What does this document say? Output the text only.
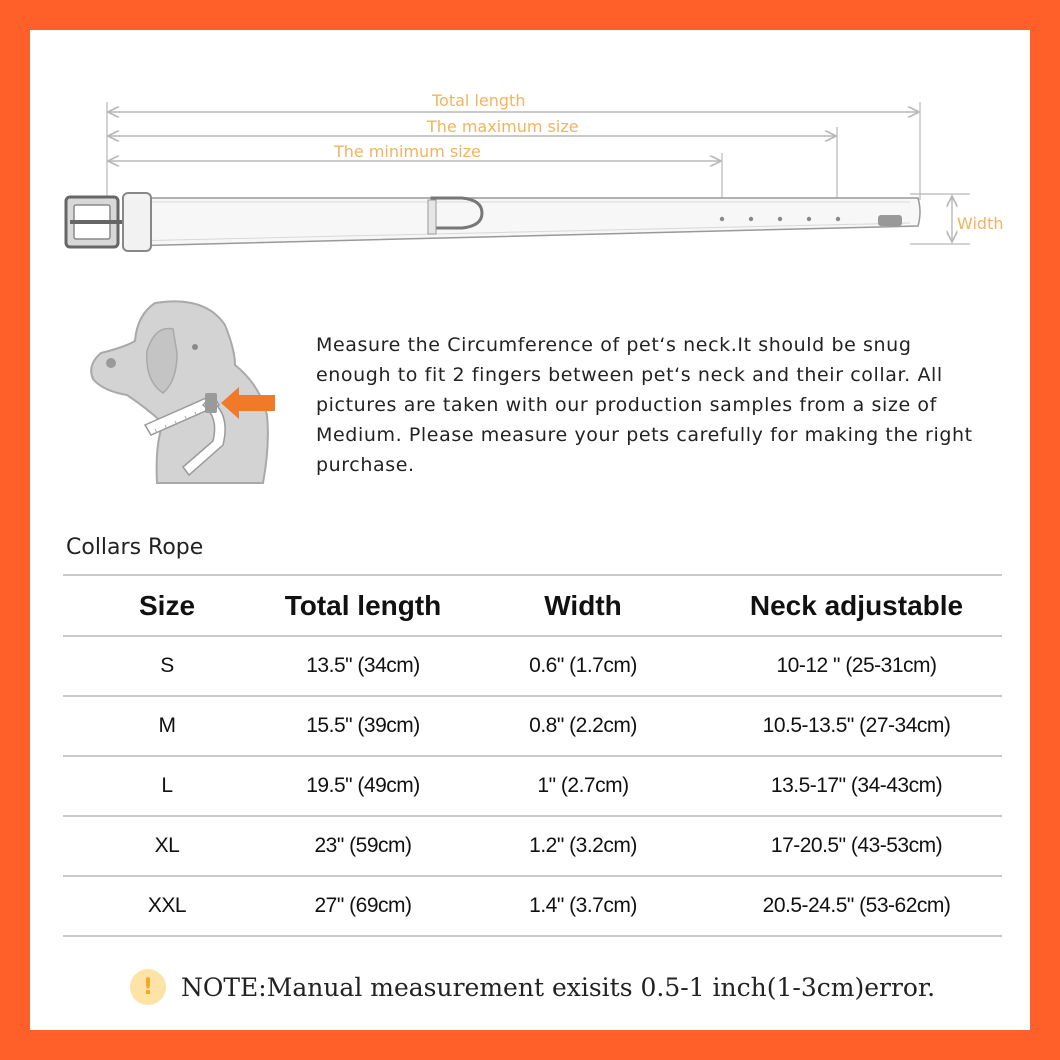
Total length
The maximum size
The minimum size
Width

Measure the Circumference of pet‘s neck.It should be snug enough to fit 2 fingers between pet‘s neck and their collar. All pictures are taken with our production samples from a size of Medium. Please measure your pets carefully for making the right purchase.

Collars Rope
Size	Total length	Width	Neck adjustable
S	13.5" (34cm)	0.6" (1.7cm)	10-12 " (25-31cm)
M	15.5" (39cm)	0.8" (2.2cm)	10.5-13.5" (27-34cm)
L	19.5" (49cm)	1" (2.7cm)	13.5-17" (34-43cm)
XL	23" (59cm)	1.2" (3.2cm)	17-20.5" (43-53cm)
XXL	27" (69cm)	1.4" (3.7cm)	20.5-24.5" (53-62cm)
!	NOTE:Manual measurement exisits 0.5-1 inch(1-3cm)error.
